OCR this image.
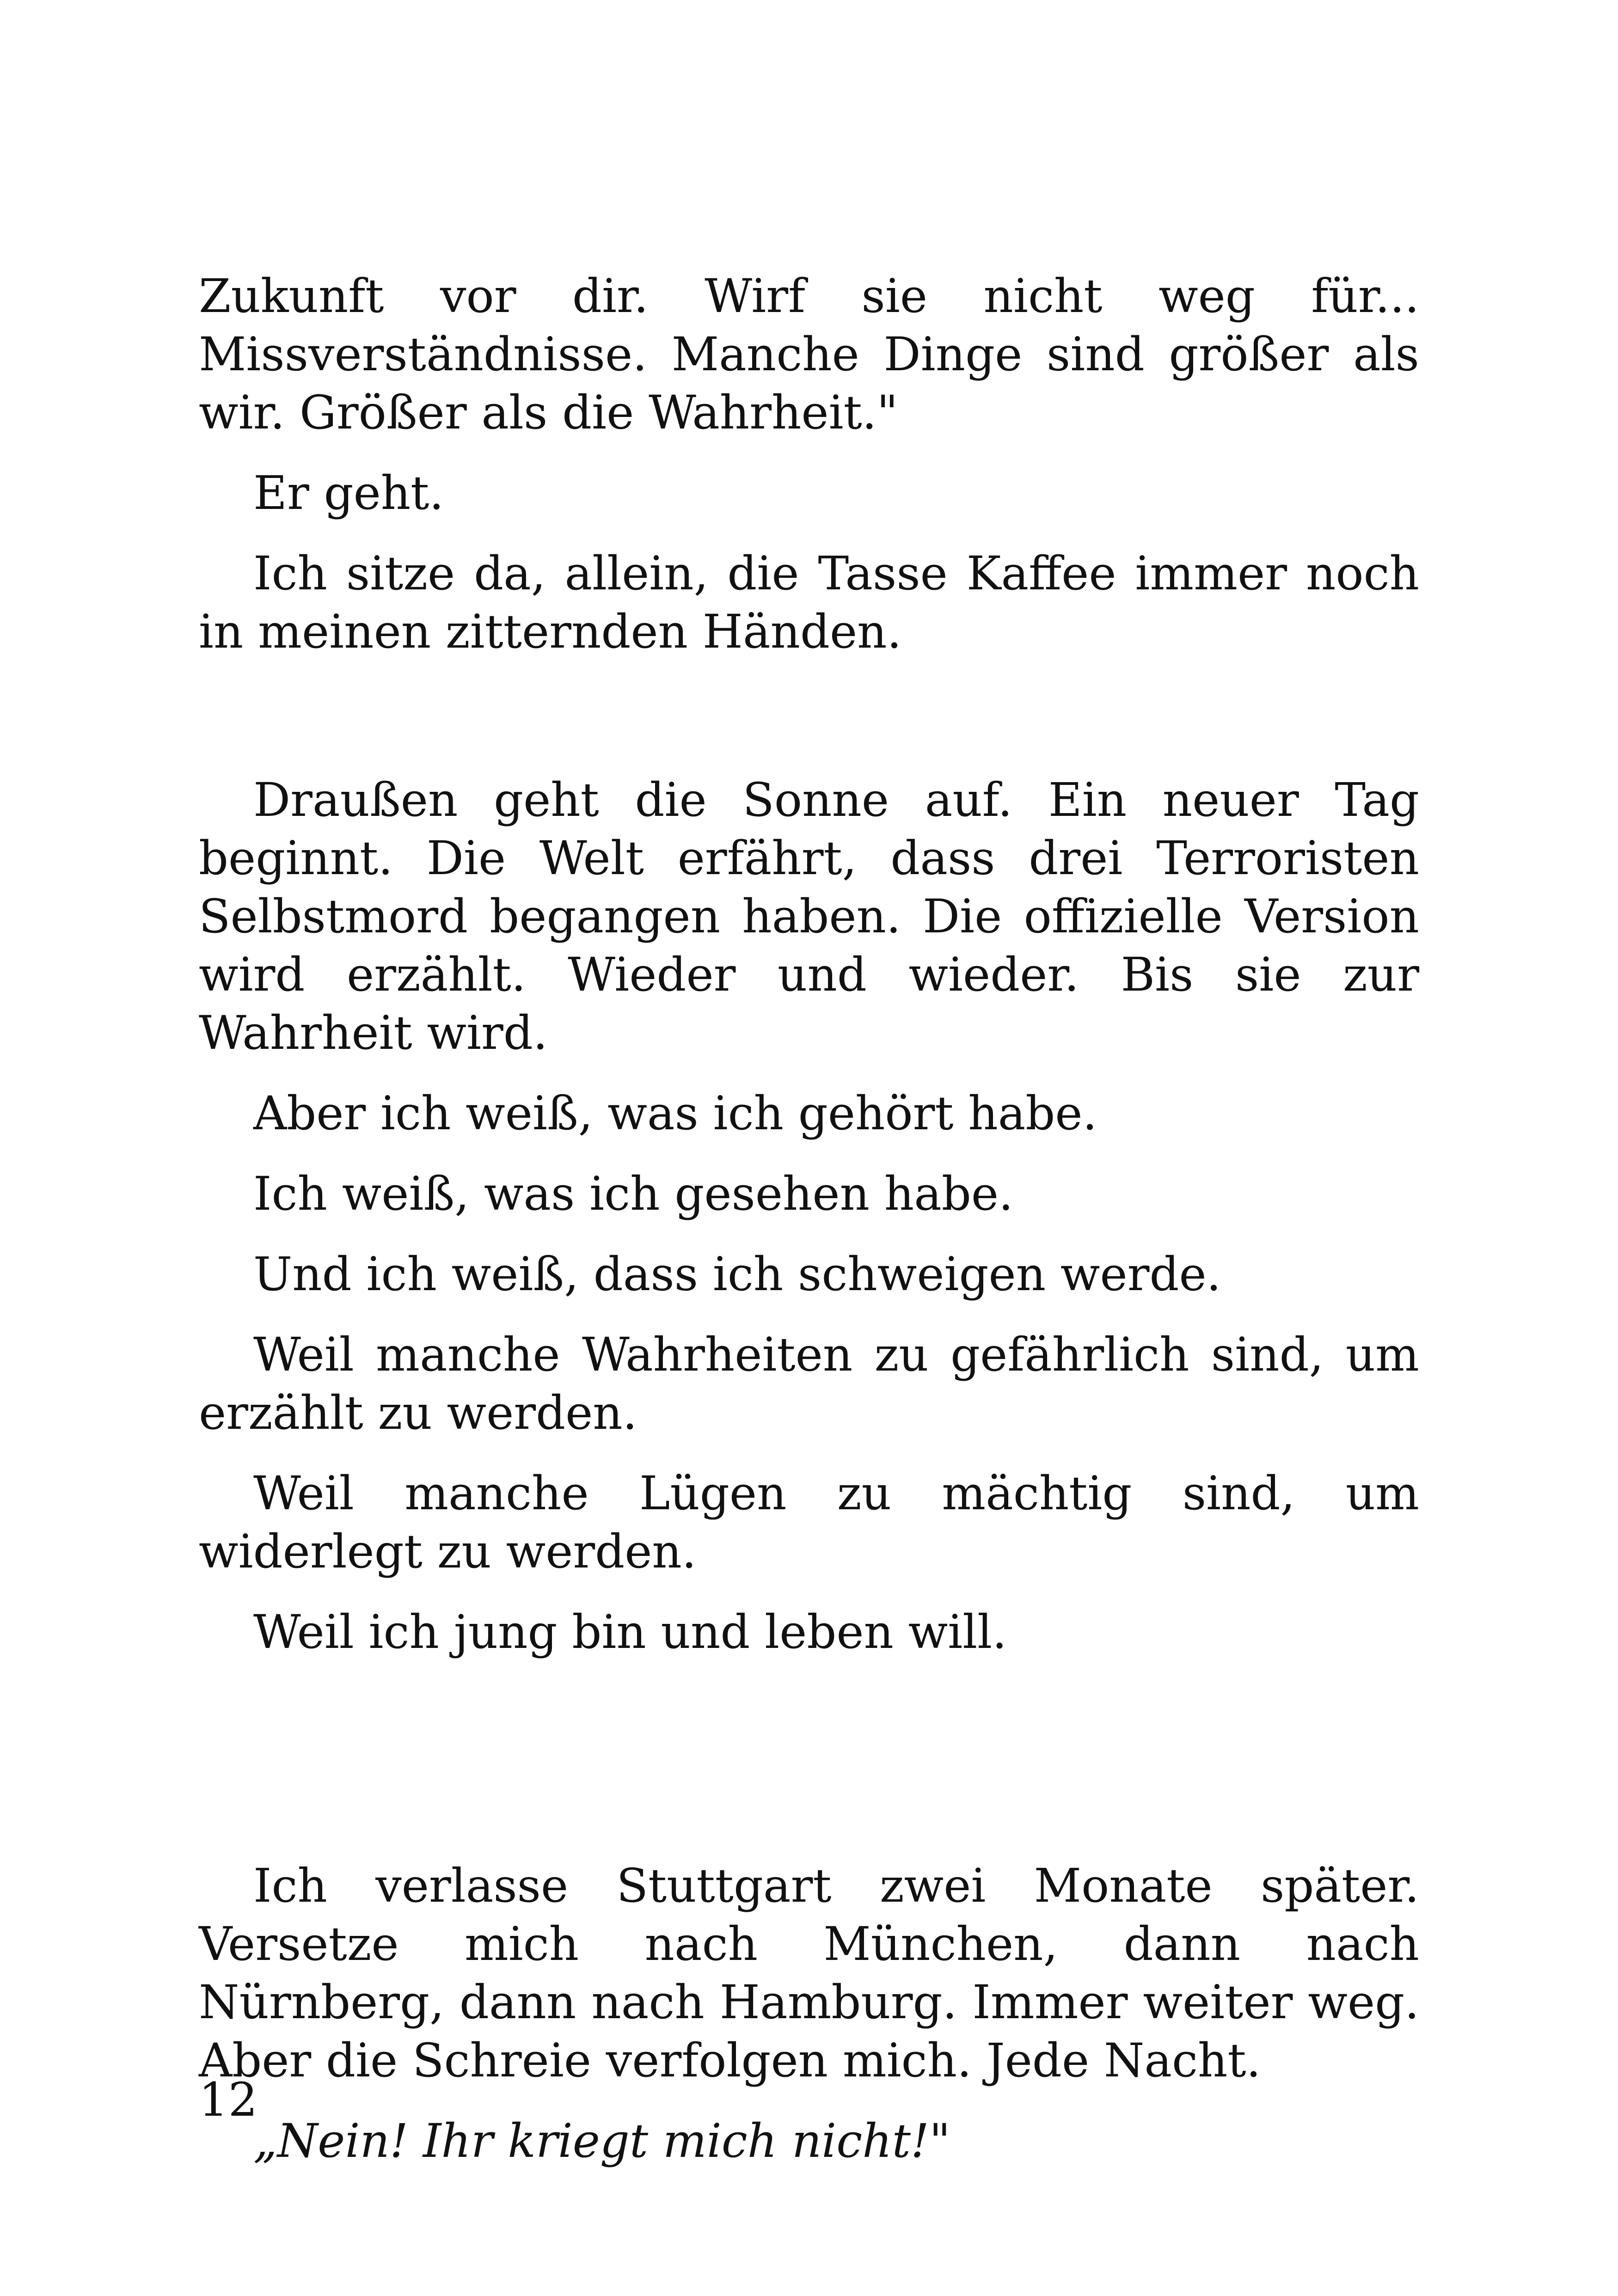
Zukunft vor dir. Wirf sie nicht weg für... Missverständnisse. Manche Dinge sind größer als wir. Größer als die Wahrheit."

Er geht.

Ich sitze da, allein, die Tasse Kaffee immer noch in meinen zitternden Händen.

Draußen geht die Sonne auf. Ein neuer Tag beginnt. Die Welt erfährt, dass drei Terroristen Selbstmord begangen haben. Die offizielle Version wird erzählt. Wieder und wieder. Bis sie zur Wahrheit wird.

Aber ich weiß, was ich gehört habe.

Ich weiß, was ich gesehen habe.

Und ich weiß, dass ich schweigen werde.

Weil manche Wahrheiten zu gefährlich sind, um erzählt zu werden.

Weil manche Lügen zu mächtig sind, um widerlegt zu werden.

Weil ich jung bin und leben will.

Ich verlasse Stuttgart zwei Monate später. Versetze mich nach München, dann nach Nürnberg, dann nach Hamburg. Immer weiter weg. Aber die Schreie verfolgen mich. Jede Nacht.

„Nein! Ihr kriegt mich nicht!"

12
